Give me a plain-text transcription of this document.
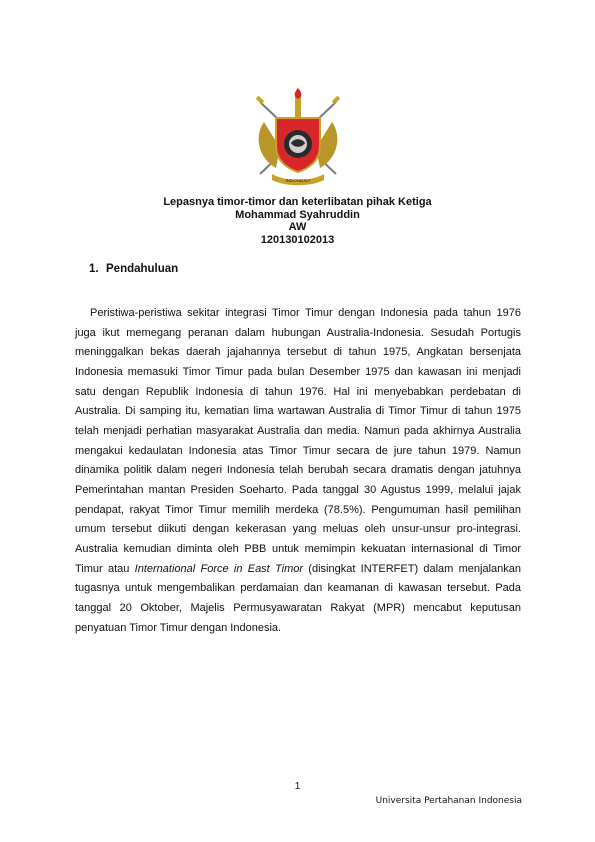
INDONESIA
Lepasnya timor-timor dan keterlibatan pihak Ketiga
Mohammad Syahruddin
AW
120130102013
1. Pendahuluan

Peristiwa-peristiwa sekitar integrasi Timor Timur dengan Indonesia pada tahun 1976 juga ikut memegang peranan dalam hubungan Australia-Indonesia. Sesudah Portugis meninggalkan bekas daerah jajahannya tersebut di tahun 1975, Angkatan bersenjata Indonesia memasuki Timor Timur pada bulan Desember 1975 dan kawasan ini menjadi satu dengan Republik Indonesia di tahun 1976. Hal ini menyebabkan perdebatan di Australia. Di samping itu, kematian lima wartawan Australia di Timor Timur di tahun 1975 telah menjadi perhatian masyarakat Australia dan media. Namun pada akhirnya Australia mengakui kedaulatan Indonesia atas Timor Timur secara de jure tahun 1979. Namun dinamika politik dalam negeri Indonesia telah berubah secara dramatis dengan jatuhnya Pemerintahan mantan Presiden Soeharto. Pada tanggal 30 Agustus 1999, melalui jajak pendapat, rakyat Timor Timur memilih merdeka (78.5%). Pengumuman hasil pemilihan umum tersebut diikuti dengan kekerasan yang meluas oleh unsur-unsur pro-integrasi. Australia kemudian diminta oleh PBB untuk memimpin kekuatan internasional di Timor Timur atau International Force in East Timor (disingkat INTERFET) dalam menjalankan tugasnya untuk mengembalikan perdamaian dan keamanan di kawasan tersebut. Pada tanggal 20 Oktober, Majelis Permusyawaratan Rakyat (MPR) mencabut keputusan penyatuan Timor Timur dengan Indonesia.

1
Universita Pertahanan Indonesia
